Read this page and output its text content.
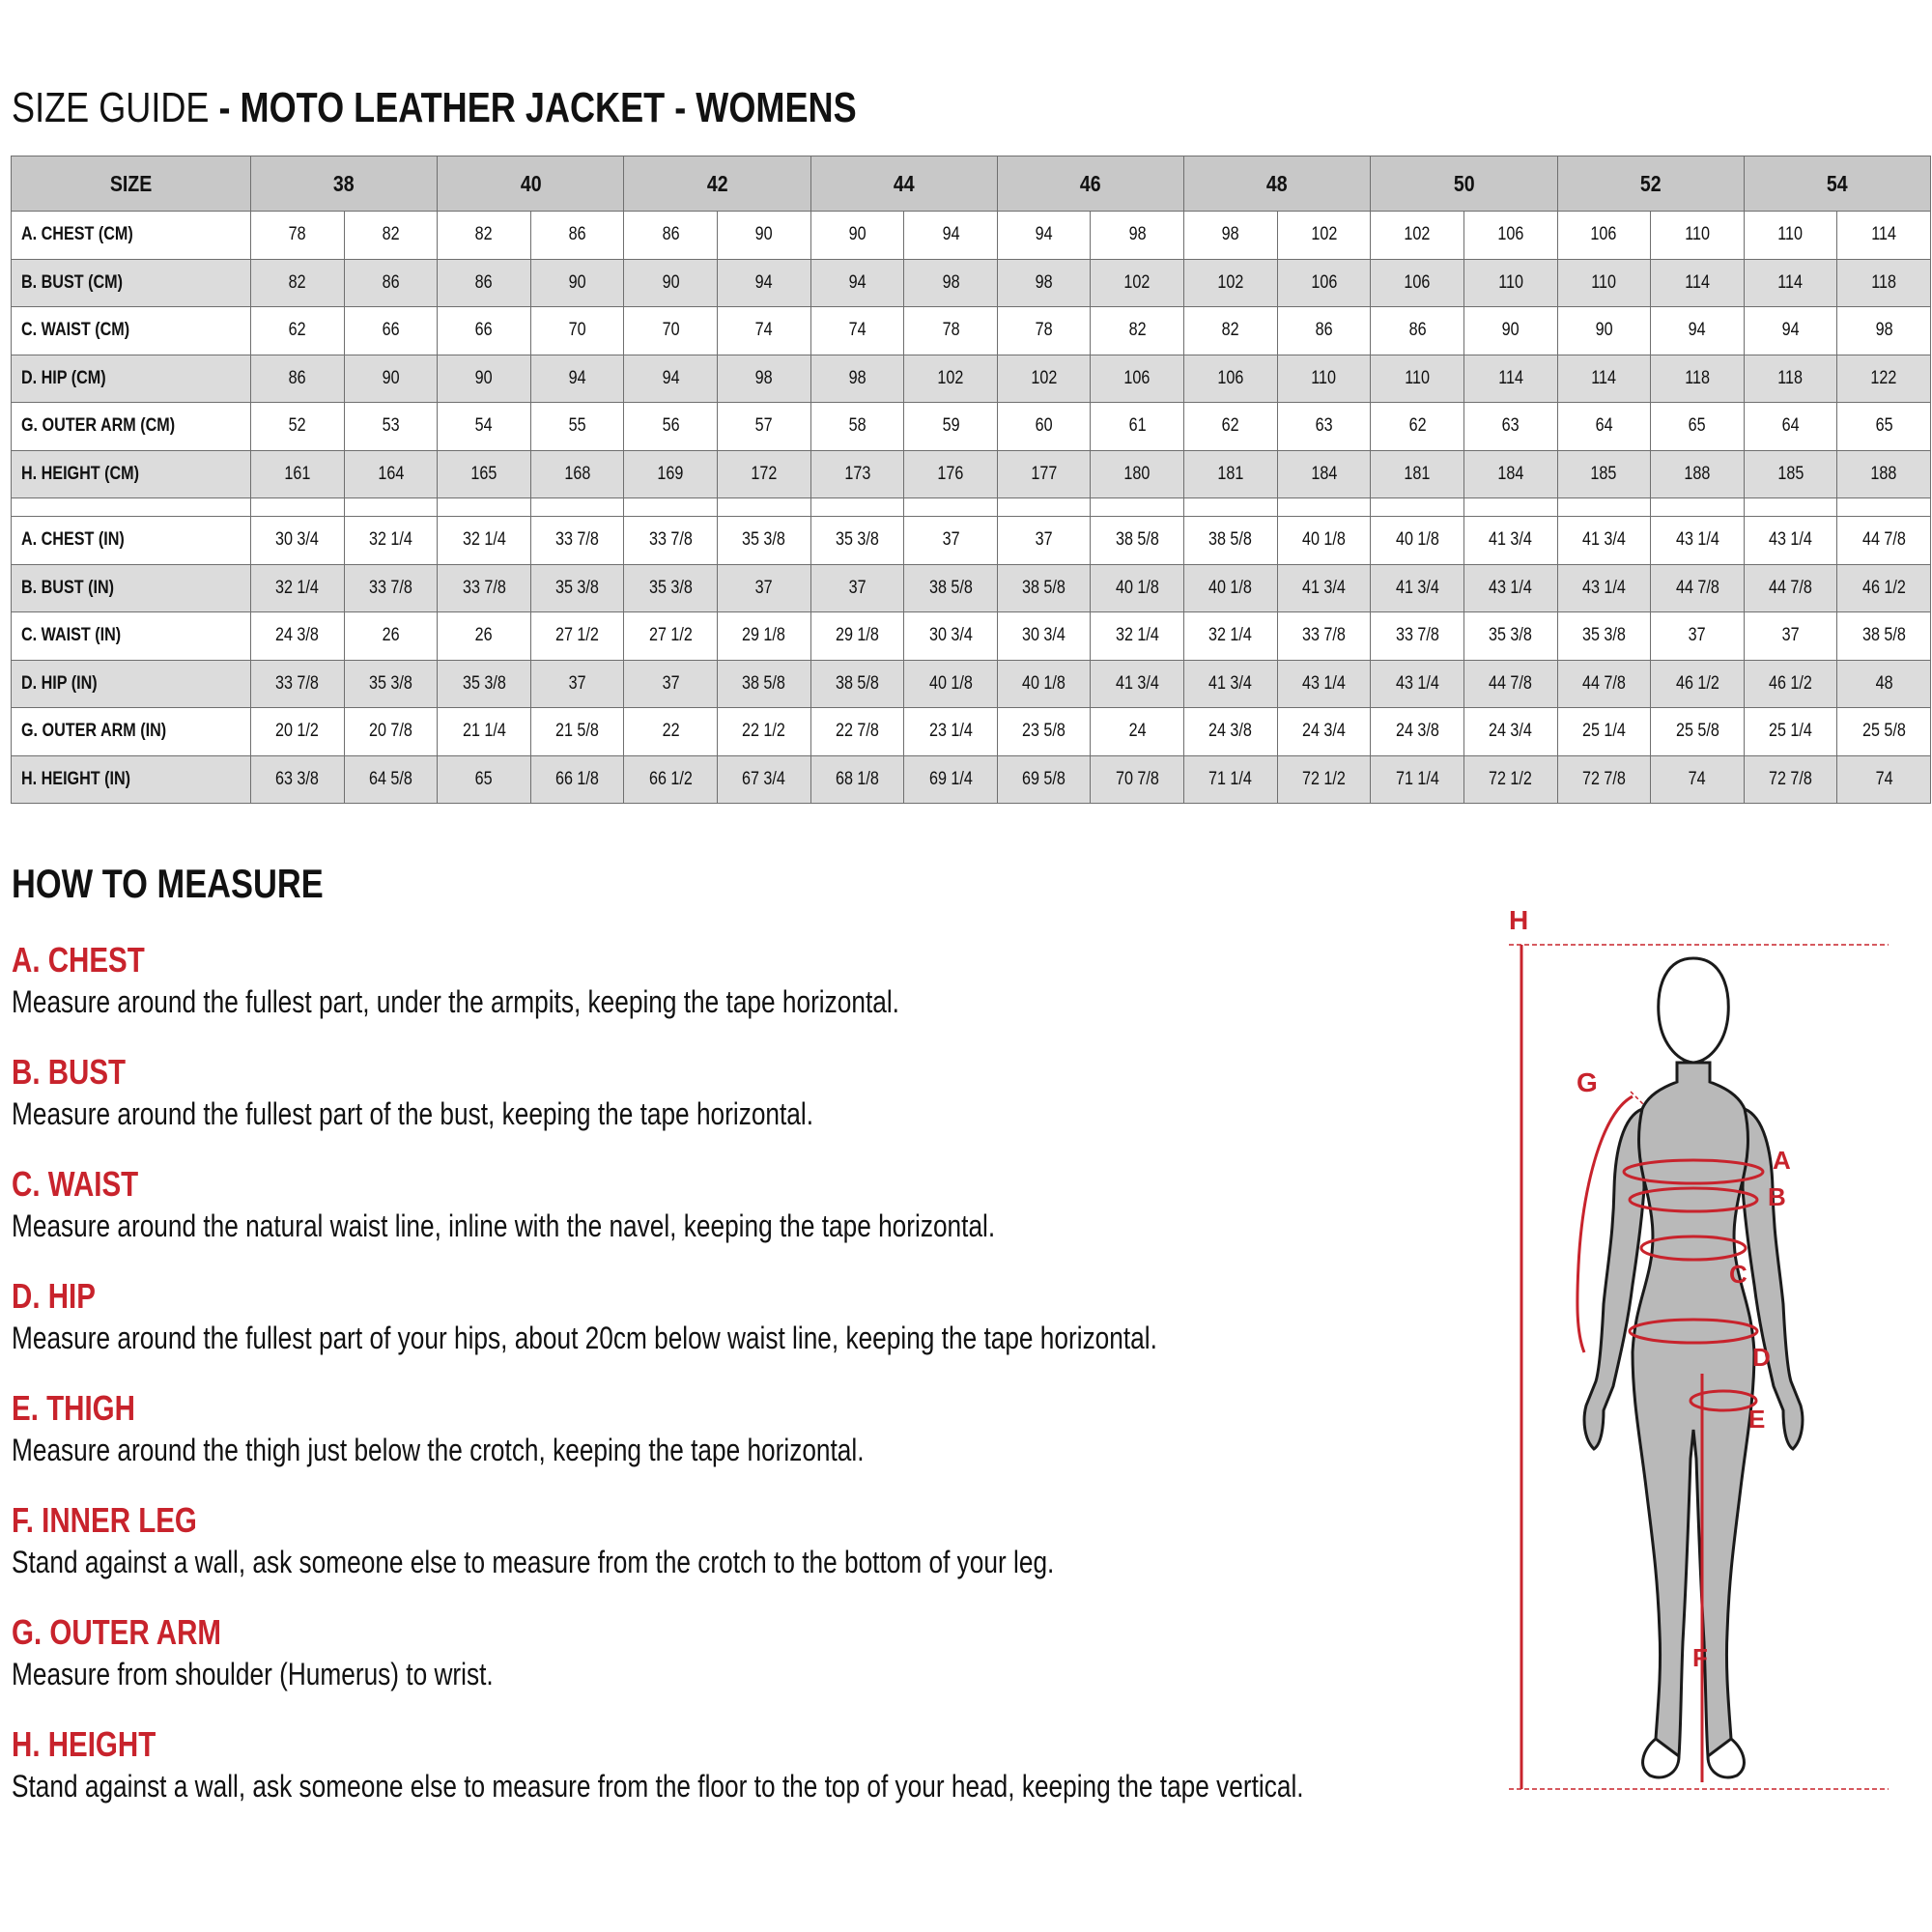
SIZE GUIDE - MOTO LEATHER JACKET - WOMENS
SIZE	38		40		42		44		46		48		50		52		54	
A. CHEST (CM)	78	82	82	86	86	90	90	94	94	98	98	102	102	106	106	110	110	114
B. BUST (CM)	82	86	86	90	90	94	94	98	98	102	102	106	106	110	110	114	114	118
C. WAIST (CM)	62	66	66	70	70	74	74	78	78	82	82	86	86	90	90	94	94	98
D. HIP (CM)	86	90	90	94	94	98	98	102	102	106	106	110	110	114	114	118	118	122
G. OUTER ARM (CM)	52	53	54	55	56	57	58	59	60	61	62	63	62	63	64	65	64	65
H. HEIGHT (CM)	161	164	165	168	169	172	173	176	177	180	181	184	181	184	185	188	185	188

A. CHEST (IN)	30 3/4	32 1/4	32 1/4	33 7/8	33 7/8	35 3/8	35 3/8	37	37	38 5/8	38 5/8	40 1/8	40 1/8	41 3/4	41 3/4	43 1/4	43 1/4	44 7/8
B. BUST (IN)	32 1/4	33 7/8	33 7/8	35 3/8	35 3/8	37	37	38 5/8	38 5/8	40 1/8	40 1/8	41 3/4	41 3/4	43 1/4	43 1/4	44 7/8	44 7/8	46 1/2
C. WAIST (IN)	24 3/8	26	26	27 1/2	27 1/2	29 1/8	29 1/8	30 3/4	30 3/4	32 1/4	32 1/4	33 7/8	33 7/8	35 3/8	35 3/8	37	37	38 5/8
D. HIP (IN)	33 7/8	35 3/8	35 3/8	37	37	38 5/8	38 5/8	40 1/8	40 1/8	41 3/4	41 3/4	43 1/4	43 1/4	44 7/8	44 7/8	46 1/2	46 1/2	48
G. OUTER ARM (IN)	20 1/2	20 7/8	21 1/4	21 5/8	22	22 1/2	22 7/8	23 1/4	23 5/8	24	24 3/8	24 3/4	24 3/8	24 3/4	25 1/4	25 5/8	25 1/4	25 5/8
H. HEIGHT (IN)	63 3/8	64 5/8	65	66 1/8	66 1/2	67 3/4	68 1/8	69 1/4	69 5/8	70 7/8	71 1/4	72 1/2	71 1/4	72 1/2	72 7/8	74	72 7/8	74
HOW TO MEASURE
A. CHEST
Measure around the fullest part, under the armpits, keeping the tape horizontal.
B. BUST
Measure around the fullest part of the bust, keeping the tape horizontal.
C. WAIST
Measure around the natural waist line, inline with the navel, keeping the tape horizontal.
D. HIP
Measure around the fullest part of your hips, about 20cm below waist line, keeping the tape horizontal.
E. THIGH
Measure around the thigh just below the crotch, keeping the tape horizontal.
F. INNER LEG
Stand against a wall, ask someone else to measure from the crotch to the bottom of your leg.
G. OUTER ARM
Measure from shoulder (Humerus) to wrist.
H. HEIGHT
Stand against a wall, ask someone else to measure from the floor to the top of your head, keeping the tape vertical.
H
G
A
B
C
D
E
F
